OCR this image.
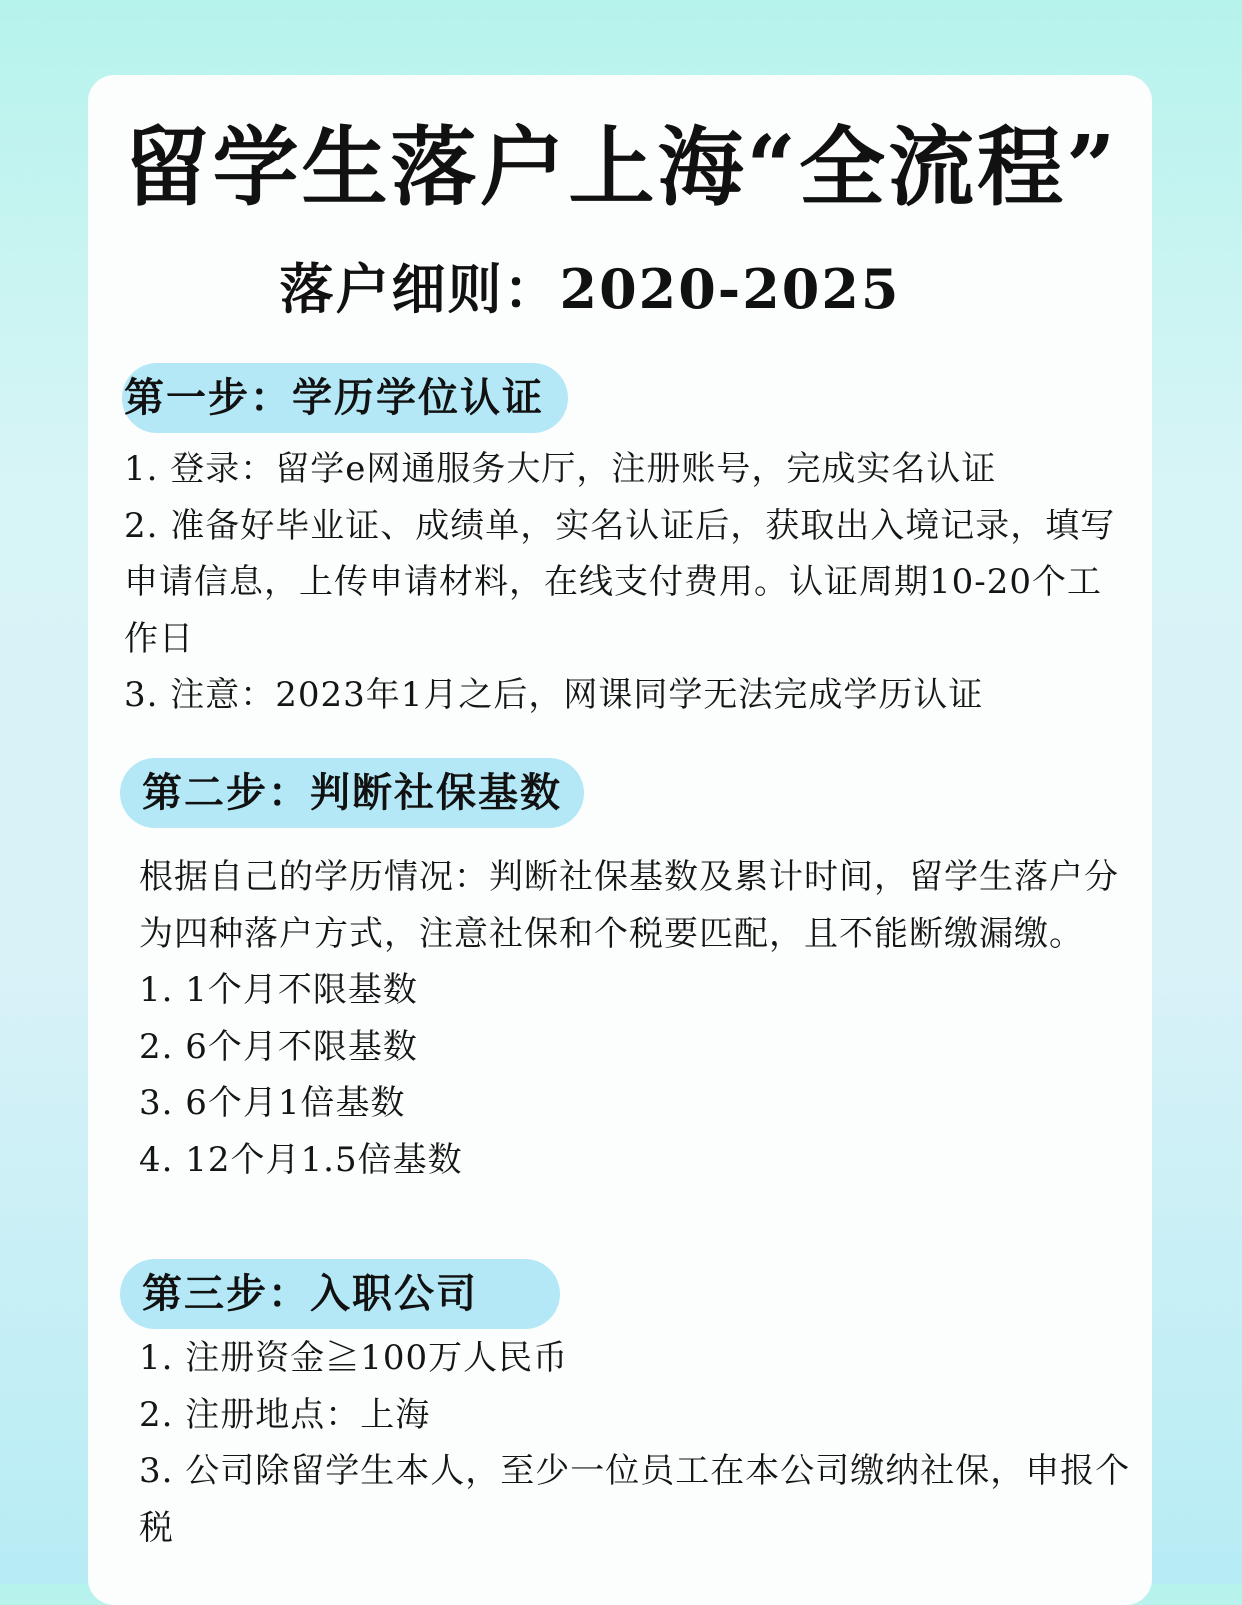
留学生落户上海“全流程”
落户细则：2020-2025
第一步：学历学位认证

1. 登录：留学e网通服务大厅，注册账号，完成实名认证

2. 准备好毕业证、成绩单，实名认证后，获取出入境记录，填写申请信息，上传申请材料，在线支付费用。认证周期10-20个工作日

3. 注意：2023年1月之后，网课同学无法完成学历认证

第二步：判断社保基数

根据自己的学历情况：判断社保基数及累计时间，留学生落户分为四种落户方式，注意社保和个税要匹配，且不能断缴漏缴。

1. 1个月不限基数

2. 6个月不限基数

3. 6个月1倍基数

4. 12个月1.5倍基数

第三步：入职公司

1. 注册资金≧100万人民币

2. 注册地点：上海

3. 公司除留学生本人，至少一位员工在本公司缴纳社保，申报个税
